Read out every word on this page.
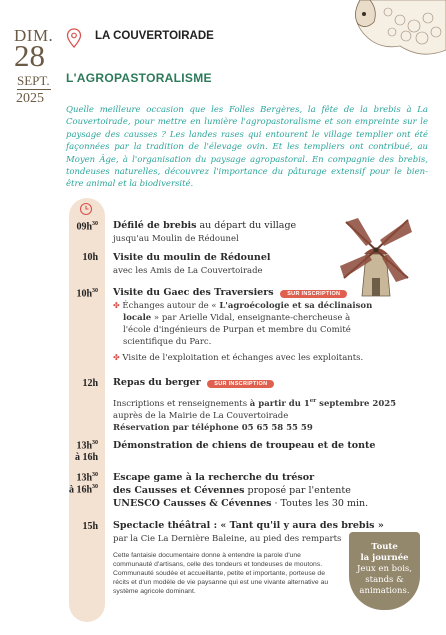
DIM.
28
SEPT.
2025
LA COUVERTOIRADE
L'AGROPASTORALISME
Quelle meilleure occasion que les Folles Bergères, la fête de la brebis à La Couvertoirade, pour mettre en lumière l'agropastoralisme et son empreinte sur le paysage des causses ? Les landes rases qui entourent le village templier ont été façonnées par la tradition de l'élevage ovin. Et les templiers ont contribué, au Moyen Âge, à l'organisation du paysage agropastoral. En compagnie des brebis, tondeuses naturelles, découvrez l'importance du pâturage extensif pour le bien-être animal et la biodiversité.
$09h^{30}$ Défilé de brebis au départ du village
jusqu'au Moulin de Rédounel
10h Visite du moulin de Rédounel
avec les Amis de La Couvertoirade
$10h^{30}$ Visite du Gaec des Traversiers SUR INSCRIPTION
✤ Échanges autour de « L'agroécologie et sa déclinaison
locale » par Arielle Vidal, enseignante-chercheuse à
l'école d'ingénieurs de Purpan et membre du Comité
scientifique du Parc.
✤ Visite de l'exploitation et échanges avec les exploitants.
12h Repas du berger SUR INSCRIPTION
Inscriptions et renseignements à partir du 1er septembre 2025
auprès de la Mairie de La Couvertoirade
Réservation par téléphone 05 65 58 55 59
$13h^{30}$
à 16h
Démonstration de chiens de troupeau et de tonte
$13h^{30}$
à $16h^{30}$
Escape game à la recherche du trésor
des Causses et Cévennes proposé par l'entente
UNESCO Causses & Cévennes · Toutes les 30 min.
15h Spectacle théâtral : « Tant qu'il y aura des brebis »
par la Cie La Dernière Baleine, au pied des remparts
Cette fantaisie documentaire donne à entendre la parole d'une communauté d'artisans, celle des tondeurs et tondeuses de moutons. Communauté soudée et accueillante, petite et importante, porteuse de récits et d'un modèle de vie paysanne qui est une vivante alternative au système agricole dominant.
Toute
la journée
Jeux en bois,
stands &
animations.
